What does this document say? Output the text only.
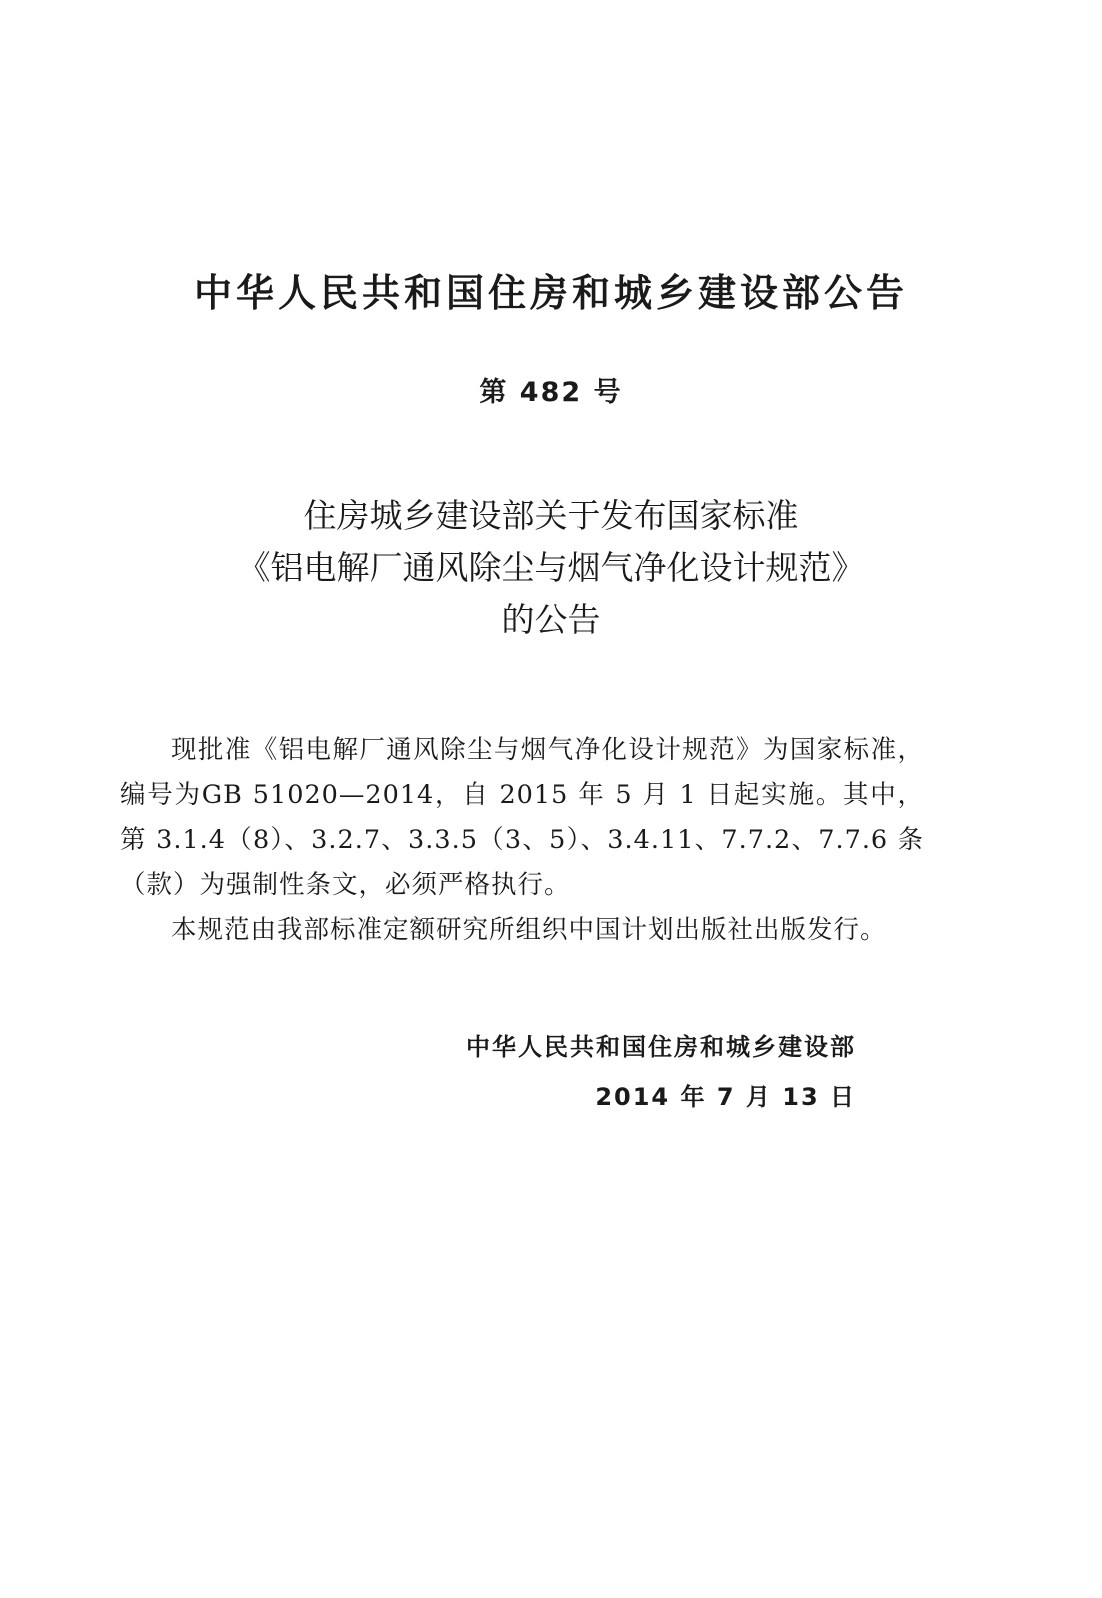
中华人民共和国住房和城乡建设部公告
第 482 号
住房城乡建设部关于发布国家标准
《铝电解厂通风除尘与烟气净化设计规范》
的公告

现批准《铝电解厂通风除尘与烟气净化设计规范》为国家标准，编号为GB 51020—2014，自 2015 年 5 月 1 日起实施。其中，第 3.1.4（8）、3.2.7、3.3.5（3、5）、3.4.11、7.7.2、7.7.6 条（款）为强制性条文，必须严格执行。

本规范由我部标准定额研究所组织中国计划出版社出版发行。

中华人民共和国住房和城乡建设部
2014 年 7 月 13 日
